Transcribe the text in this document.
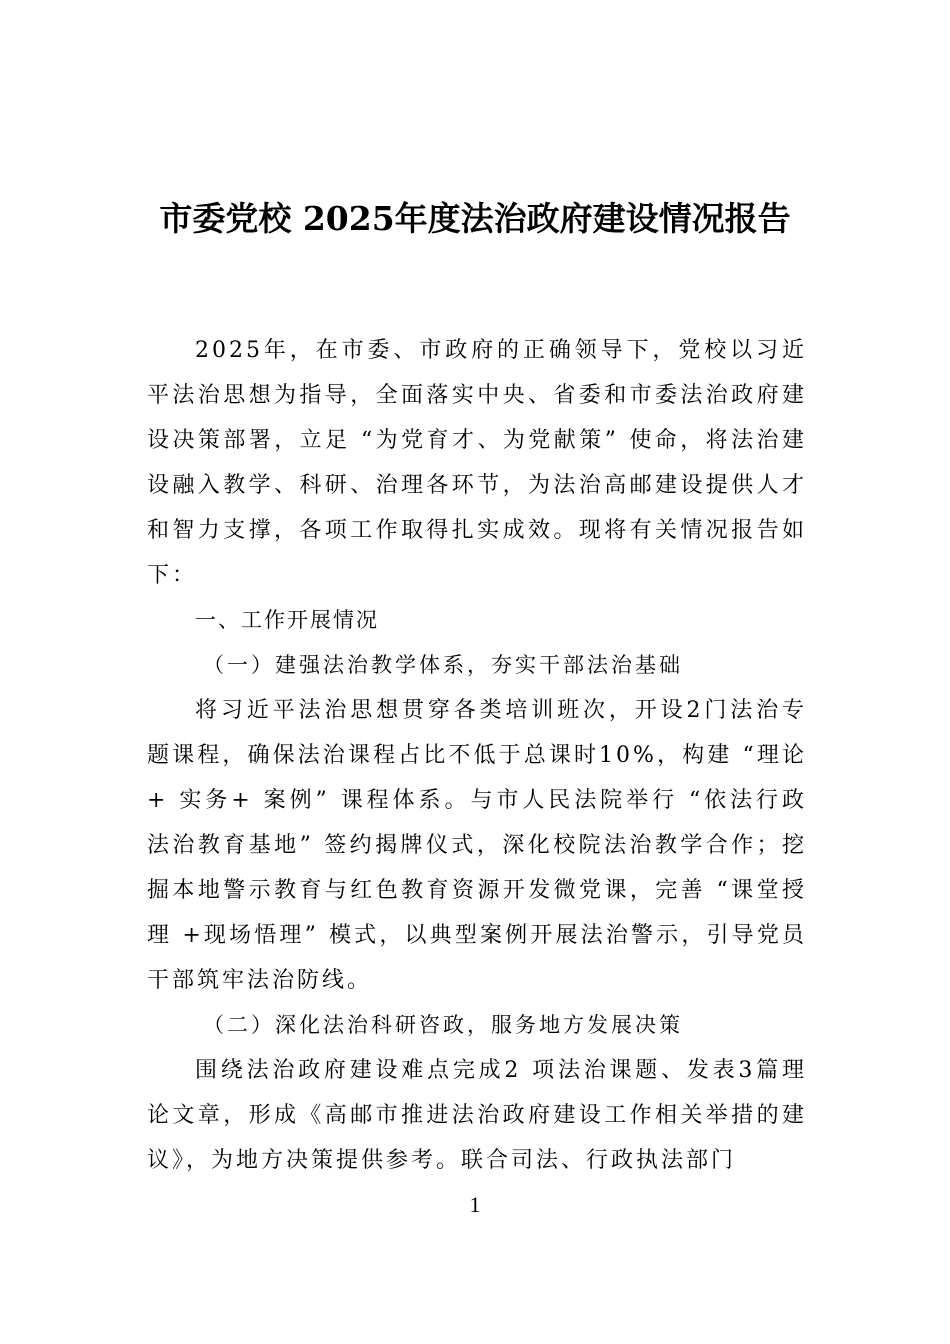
市委党校 2025年度法治政府建设情况报告

2025年，在市委、市政府的正确领导下，党校以习近平法治思想为指导，全面落实中央、省委和市委法治政府建设决策部署，立足 “为党育才、为党献策” 使命，将法治建设融入教学、科研、治理各环节，为法治高邮建设提供人才和智力支撑，各项工作取得扎实成效。现将有关情况报告如下：

一、工作开展情况

（一）建强法治教学体系，夯实干部法治基础

将习近平法治思想贯穿各类培训班次，开设2门法治专题课程，确保法治课程占比不低于总课时10%，构建 “理论 + 实务+ 案例” 课程体系。与市人民法院举行 “依法行政法治教育基地” 签约揭牌仪式，深化校院法治教学合作；挖掘本地警示教育与红色教育资源开发微党课，完善 “课堂授理 +现场悟理” 模式，以典型案例开展法治警示，引导党员干部筑牢法治防线。

（二）深化法治科研咨政，服务地方发展决策

围绕法治政府建设难点完成2 项法治课题、发表3篇理论文章，形成《高邮市推进法治政府建设工作相关举措的建议》，为地方决策提供参考。联合司法、行政执法部门

1
